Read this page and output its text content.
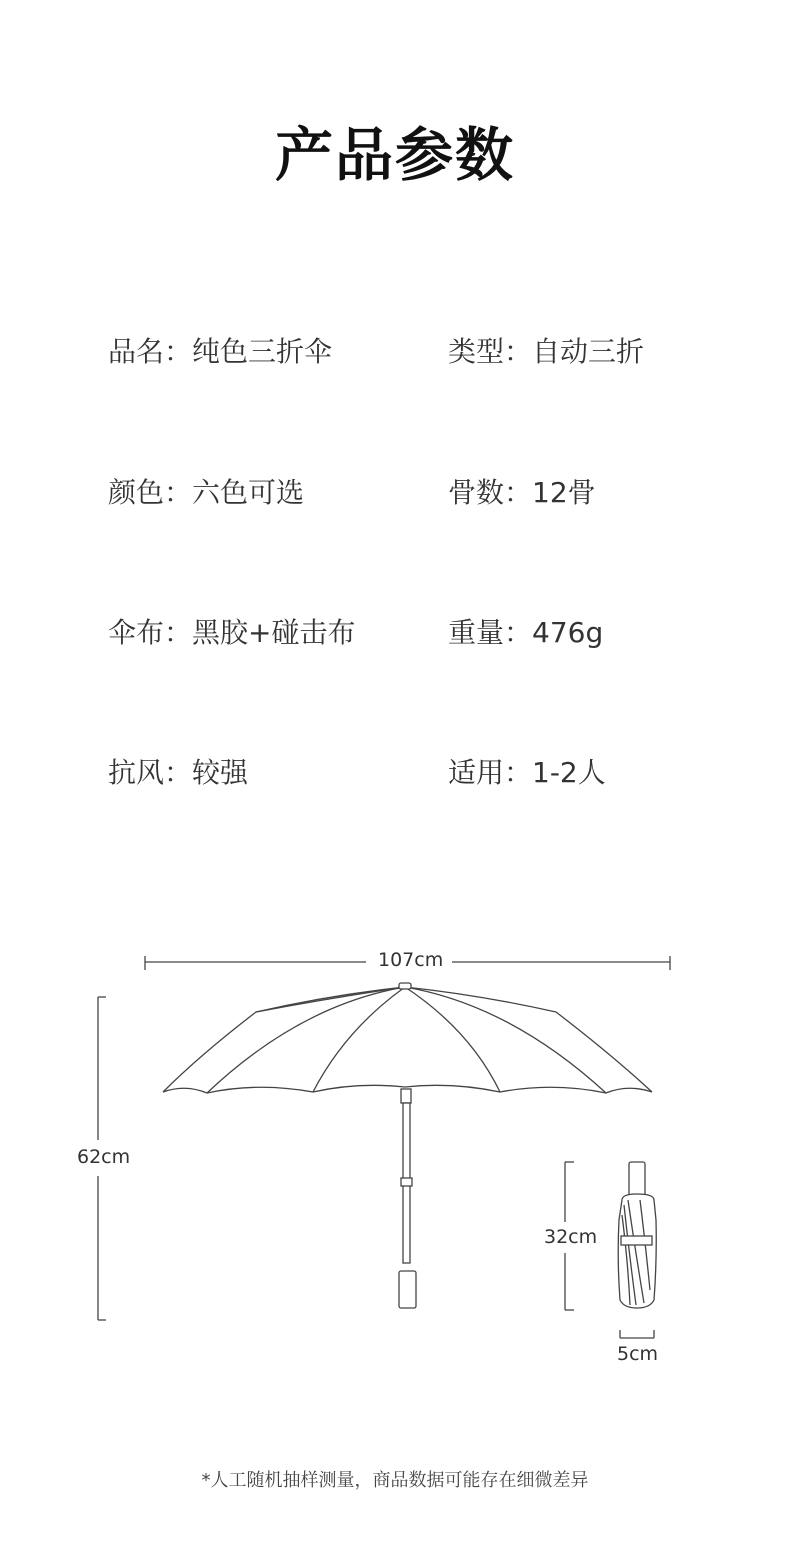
产品参数
品名：纯色三折伞	类型：自动三折
颜色：六色可选	骨数：12骨
伞布：黑胶+碰击布	重量：476g
抗风：较强	适用：1-2人
107cm
62cm
32cm
5cm
*人工随机抽样测量，商品数据可能存在细微差异
